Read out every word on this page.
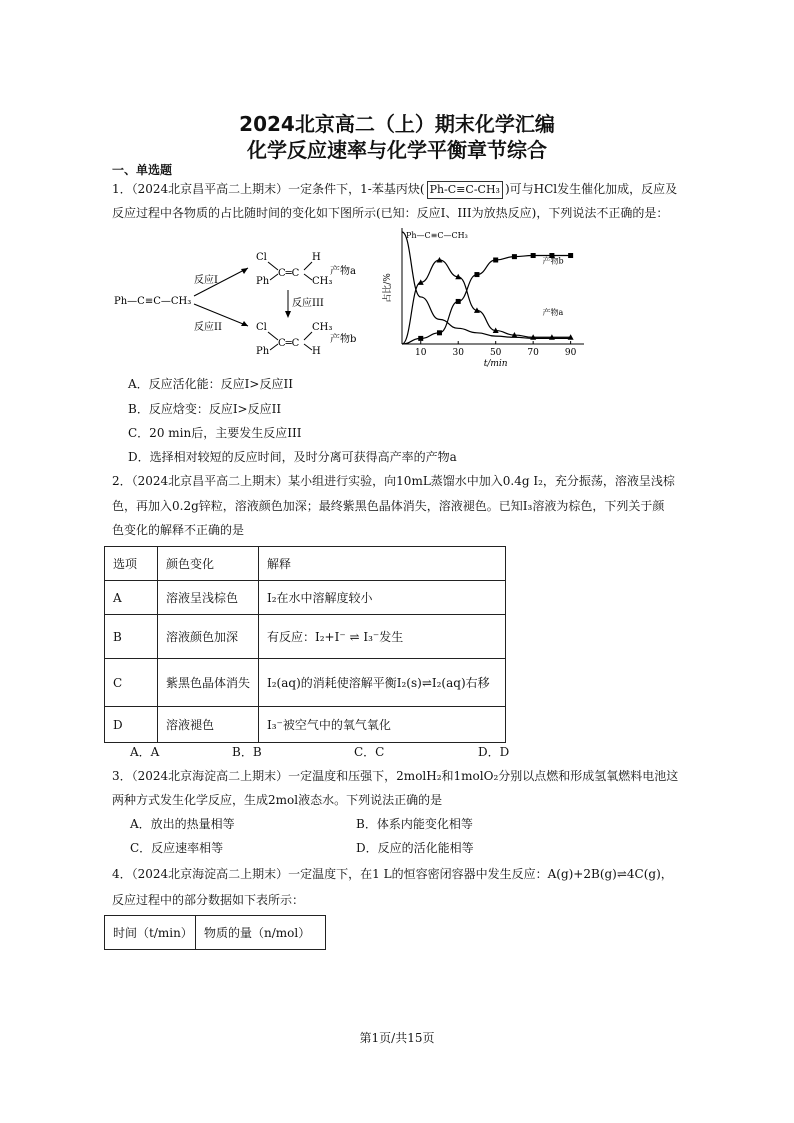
2024北京高二（上）期末化学汇编
化学反应速率与化学平衡章节综合
一、单选题
1．（2024北京昌平高二上期末）一定条件下，1-苯基丙炔( Ph-C≡C-CH₃ )可与HCl发生催化加成，反应及
反应过程中各物质的占比随时间的变化如下图所示(已知：反应I、III为放热反应)，下列说法不正确的是：
Ph—C≡C—CH₃
反应I
反应II
Cl
Ph
C═C
H
CH₃
产物a
反应III
Cl
Ph
C═C
CH₃
H
产物b
10	30	50	70	90
t/min
占比/%
Ph—C≡C—CH₃
产物b
产物a
A．反应活化能：反应I>反应II
B．反应焓变：反应I>反应II
C．20 min后，主要发生反应III
D．选择相对较短的反应时间，及时分离可获得高产率的产物a
2．（2024北京昌平高二上期末）某小组进行实验，向10mL蒸馏水中加入0.4g I₂，充分振荡，溶液呈浅棕
色，再加入0.2g锌粒，溶液颜色加深；最终紫黑色晶体消失，溶液褪色。已知I₃溶液为棕色，下列关于颜
色变化的解释不正确的是
选项	颜色变化	解释
A	溶液呈浅棕色	I₂在水中溶解度较小
B	溶液颜色加深	有反应：I₂+I⁻ ⇌ I₃⁻发生
C	紫黑色晶体消失	I₂(aq)的消耗使溶解平衡I₂(s)⇌I₂(aq)右移
D	溶液褪色	I₃⁻被空气中的氧气氧化
A．A	B．B	C．C	D．D
3．（2024北京海淀高二上期末）一定温度和压强下，2molH₂和1molO₂分别以点燃和形成氢氧燃料电池这
两种方式发生化学反应，生成2mol液态水。下列说法正确的是
A．放出的热量相等	B．体系内能变化相等
C．反应速率相等	D．反应的活化能相等
4．（2024北京海淀高二上期末）一定温度下，在1 L的恒容密闭容器中发生反应：A(g)+2B(g)⇌4C(g)，
反应过程中的部分数据如下表所示：
时间（t/min）	物质的量（n/mol）
第1页/共15页
